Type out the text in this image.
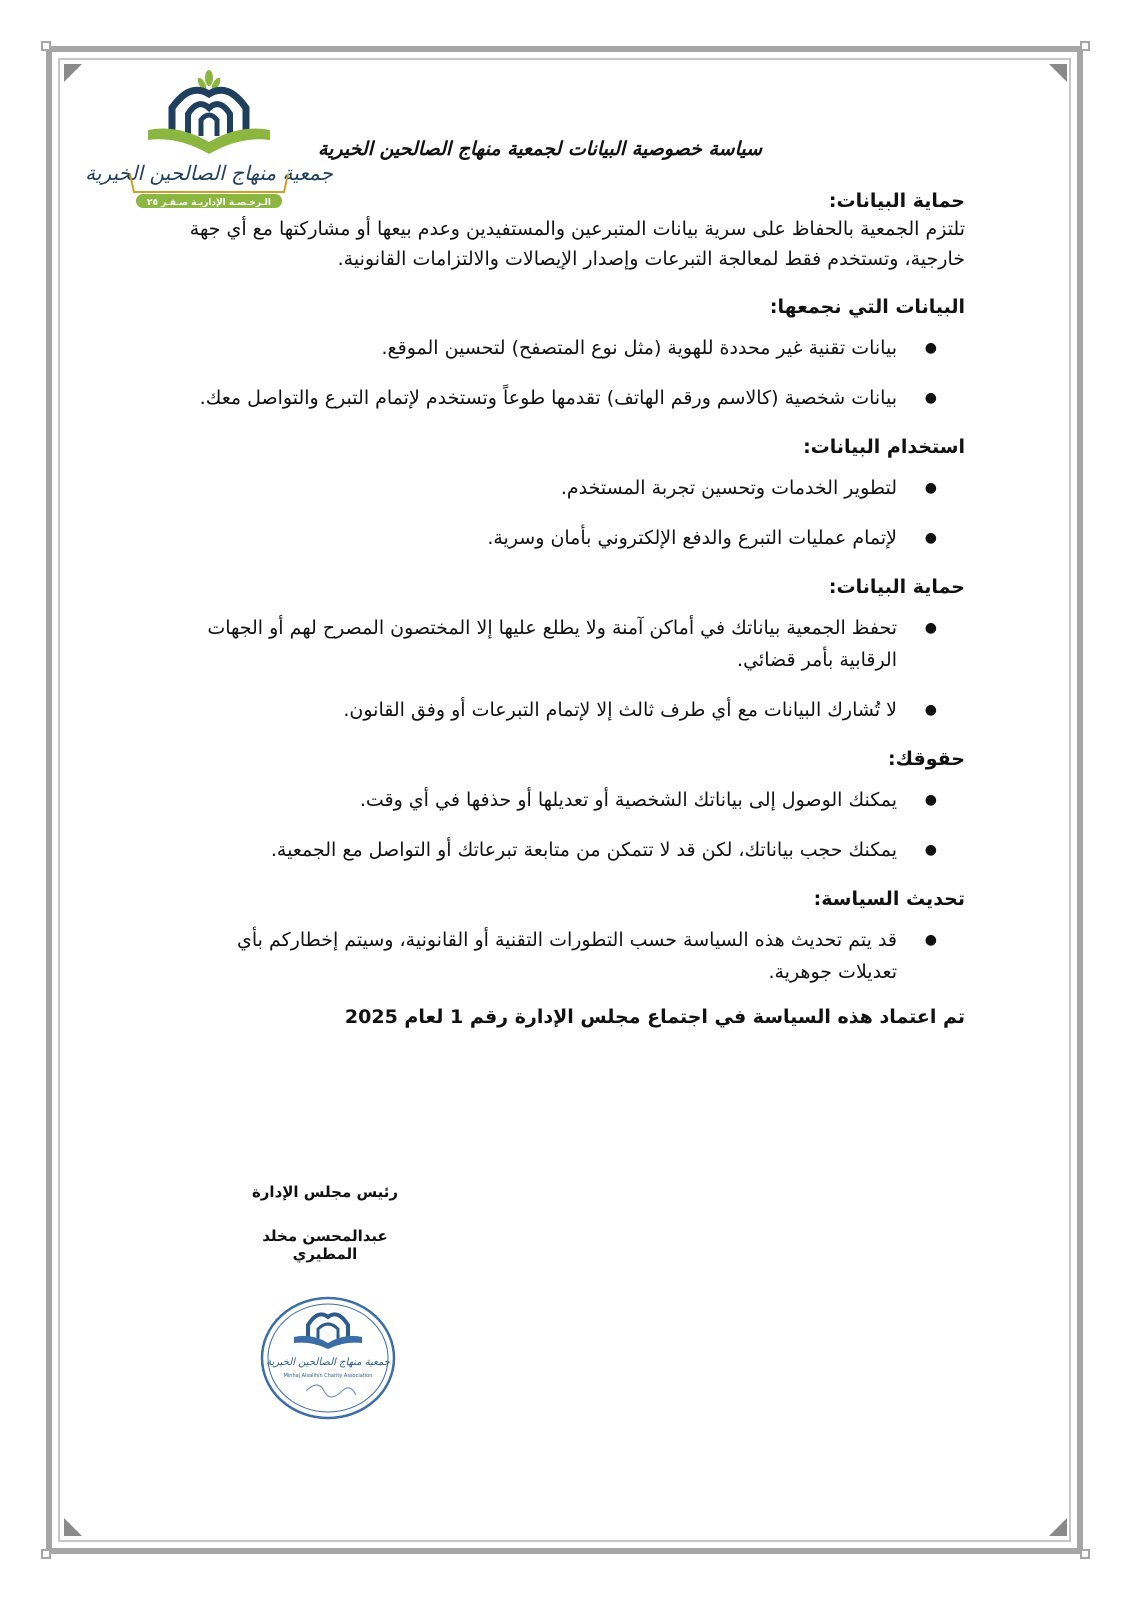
جمعية منهاج الصالحين الخيرية
الـرخـصـة الإداريـة صـفـر ٢٥
سياسة خصوصية البيانات لجمعية منهاج الصالحين الخيرية
حماية البيانات:

تلتزم الجمعية بالحفاظ على سرية بيانات المتبرعين والمستفيدين وعدم بيعها أو مشاركتها مع أي جهة خارجية، وتستخدم فقط لمعالجة التبرعات وإصدار الإيصالات والالتزامات القانونية.

البيانات التي نجمعها:
●
بيانات تقنية غير محددة للهوية (مثل نوع المتصفح) لتحسين الموقع.
●
بيانات شخصية (كالاسم ورقم الهاتف) تقدمها طوعاً وتستخدم لإتمام التبرع والتواصل معك.
استخدام البيانات:
●
لتطوير الخدمات وتحسين تجربة المستخدم.
●
لإتمام عمليات التبرع والدفع الإلكتروني بأمان وسرية.
حماية البيانات:
●
تحفظ الجمعية بياناتك في أماكن آمنة ولا يطلع عليها إلا المختصون المصرح لهم أو الجهات الرقابية بأمر قضائي.
●
لا تُشارك البيانات مع أي طرف ثالث إلا لإتمام التبرعات أو وفق القانون.
حقوقك:
●
يمكنك الوصول إلى بياناتك الشخصية أو تعديلها أو حذفها في أي وقت.
●
يمكنك حجب بياناتك، لكن قد لا تتمكن من متابعة تبرعاتك أو التواصل مع الجمعية.
تحديث السياسة:
●
قد يتم تحديث هذه السياسة حسب التطورات التقنية أو القانونية، وسيتم إخطاركم بأي تعديلات جوهرية.
تم اعتماد هذه السياسة في اجتماع مجلس الإدارة رقم 1 لعام 2025
رئيس مجلس الإدارة
عبدالمحسن مخلد المطيري
جمعية منهاج الصالحين الخيرية
Minhaj Alsalihin Charity Association
